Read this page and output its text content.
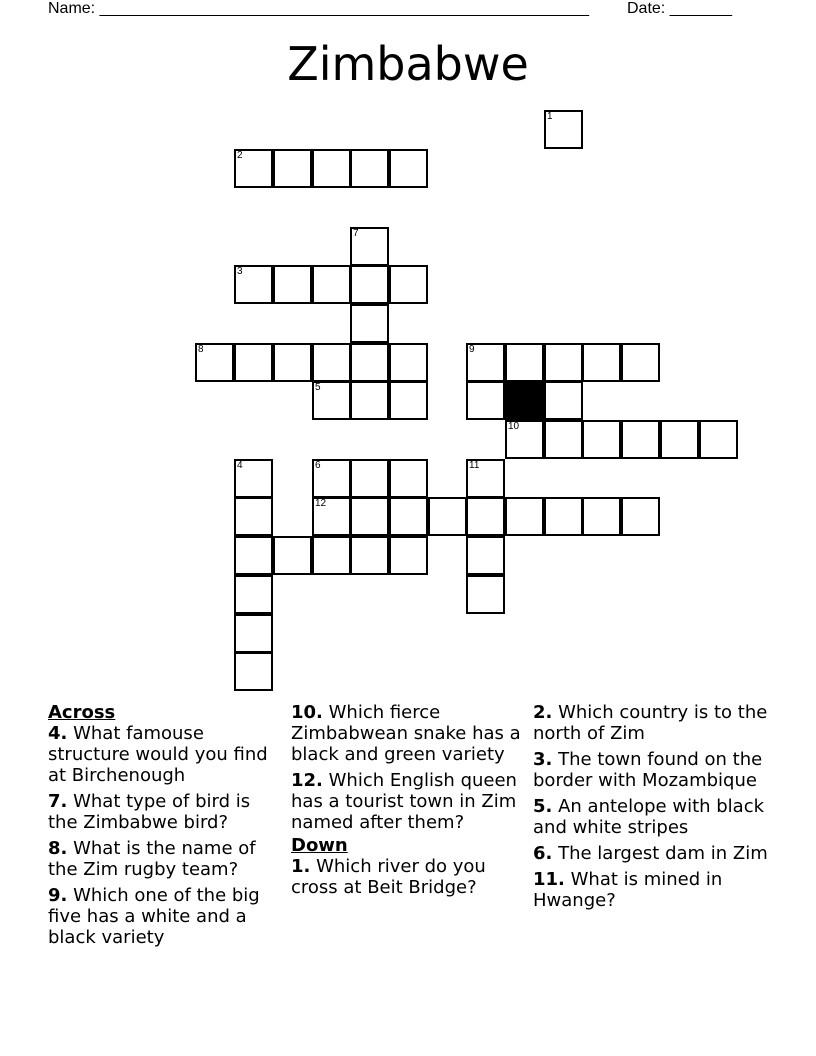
Name: _______________________________________________________ Date: _______
Zimbabwe
1
2
3
4
5
6
7
8	9
10
11
12
Across
4. What famouse structure would you find at Birchenough
7. What type of bird is the Zimbabwe bird?
8. What is the name of the Zim rugby team?
9. Which one of the big five has a white and a black variety
10. Which fierce Zimbabwean snake has a black and green variety
12. Which English queen has a tourist town in Zim named after them?
Down
1. Which river do you cross at Beit Bridge?
2. Which country is to the north of Zim
3. The town found on the border with Mozambique
5. An antelope with black and white stripes
6. The largest dam in Zim
11. What is mined in Hwange?
